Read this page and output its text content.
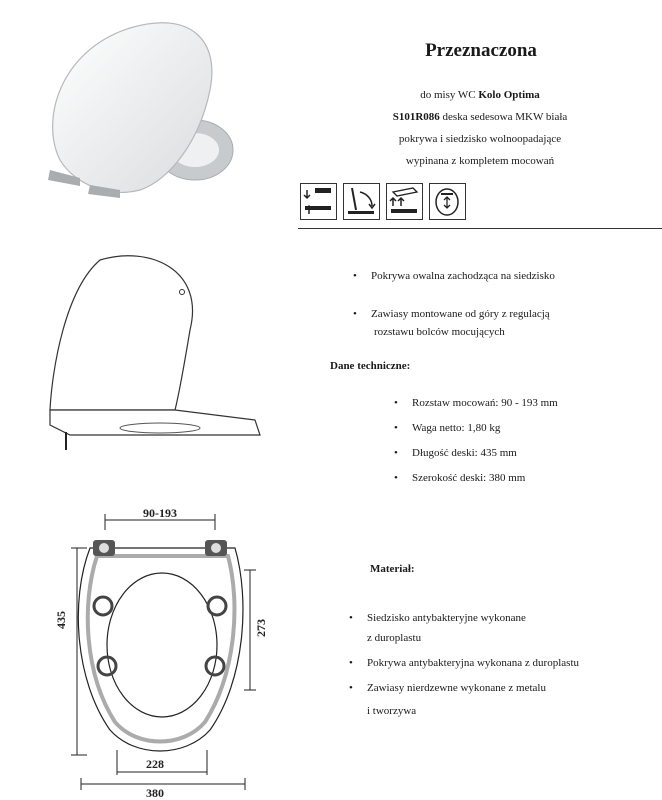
Przeznaczona
do misy WC Kolo Optima
S101R086 deska sedesowa MKW biała
pokrywa i siedzisko wolnoopadające
wypinana z kompletem mocowań
90-193
435	273
228
380
• Pokrywa owalna zachodząca na siedzisko
• Zawiasy montowane od góry z regulacją
rozstawu bolców mocujących
Dane techniczne:
• Rozstaw mocowań: 90 - 193 mm
• Waga netto: 1,80 kg
• Długość deski: 435 mm
• Szerokość deski: 380 mm
Materiał:
• Siedzisko antybakteryjne wykonane
z duroplastu
• Pokrywa antybakteryjna wykonana z duroplastu
• Zawiasy nierdzewne wykonane z metalu
i tworzywa
